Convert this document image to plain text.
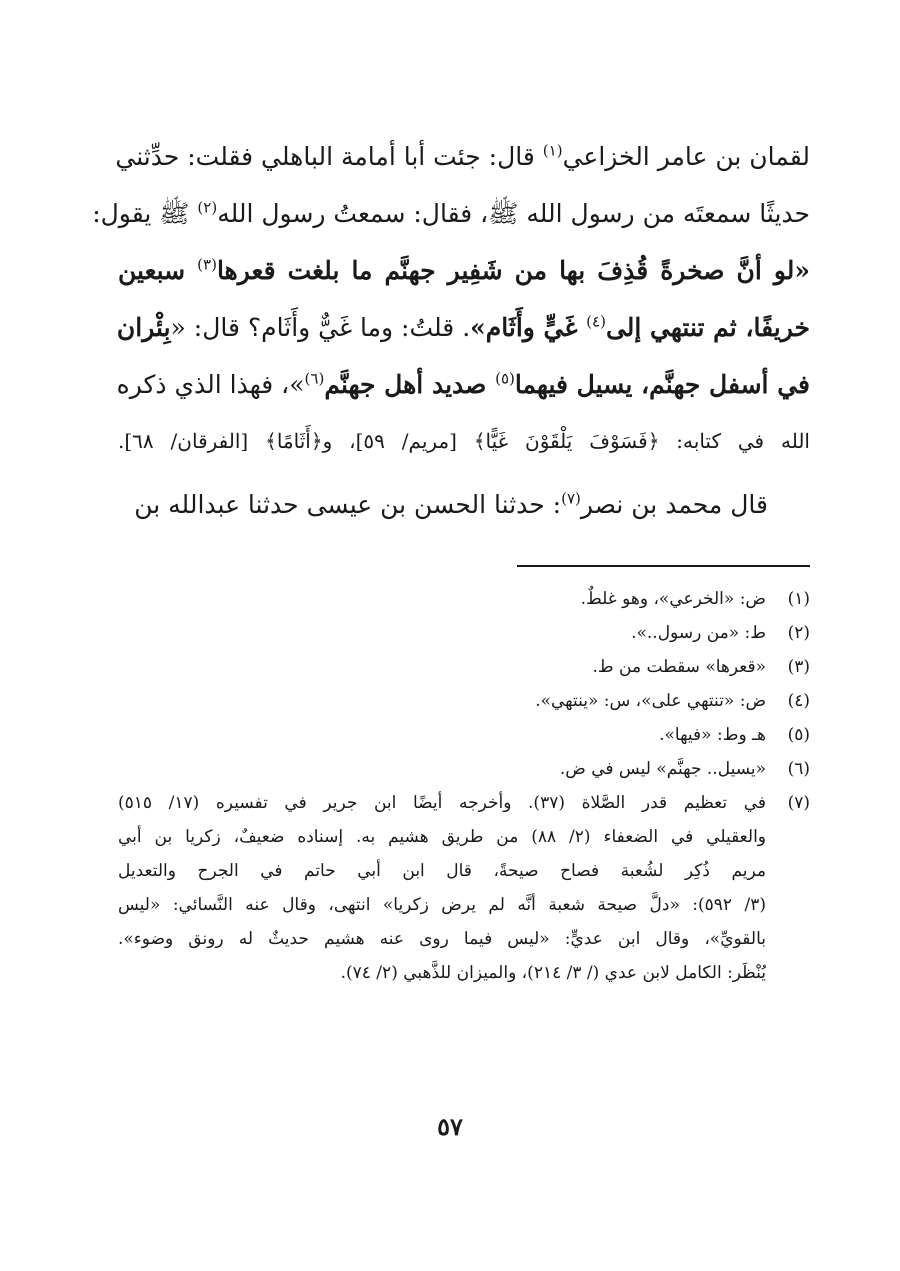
لقمان بن عامر الخزاعي$^{(١)}$ قال: جئت أبا أمامة الباهلي فقلت: حدِّثني
حديثًا سمعتَه من رسول الله ﷺ، فقال: سمعتُ رسول الله$^{(٢)}$ ﷺ يقول:
«لو أنَّ صخرةً قُذِفَ بها من شَفِير جهنَّم ما بلغت قعرها$^{(٣)}$ سبعين
خريفًا، ثم تنتهي إلى$^{(٤)}$ غَيٍّ وأَثَام». قلتُ: وما غَيٌّ وأَثَام؟ قال: «بِئْران
في أسفل جهنَّم، يسيل فيهما$^{(٥)}$ صديد أهل جهنَّم$^{(٦)}$»، فهذا الذي ذكره
الله في كتابه: ﴿فَسَوْفَ يَلْقَوْنَ غَيًّا﴾ [مريم/ ٥٩]، و﴿أَثَامًا﴾ [الفرقان/ ٦٨].
قال محمد بن نصر$^{(٧)}$: حدثنا الحسن بن عيسى حدثنا عبدالله بن
(١)
ض: «الخرعي»، وهو غلطٌ.
(٢)
ط: «من رسول..».
(٣)
«قعرها» سقطت من ط.
(٤)
ض: «تنتهي على»، س: «ينتهي».
(٥)
هـ وط: «فيها».
(٦)
«يسيل.. جهنَّم» ليس في ض.
(٧)
في تعظيم قدر الصَّلاة (٣٧). وأخرجه أيضًا ابن جرير في تفسيره (١٧/ ٥١٥)
والعقيلي في الضعفاء (٢/ ٨٨) من طريق هشيم به. إسناده ضعيفٌ، زكريا بن أبي
مريم ذُكِر لشُعبة فصاح صيحةً، قال ابن أبي حاتم في الجرح والتعديل
(٣/ ٥٩٢): «دلَّ صيحة شعبة أنَّه لم يرض زكريا» انتهى، وقال عنه النَّسائي: «ليس
بالقويِّ»، وقال ابن عديٍّ: «ليس فيما روى عنه هشيم حديثٌ له رونق وضوء».
يُنْظَر: الكامل لابن عدي (/ ٣/ ٢١٤)، والميزان للذَّهبي (٢/ ٧٤).
٥٧
